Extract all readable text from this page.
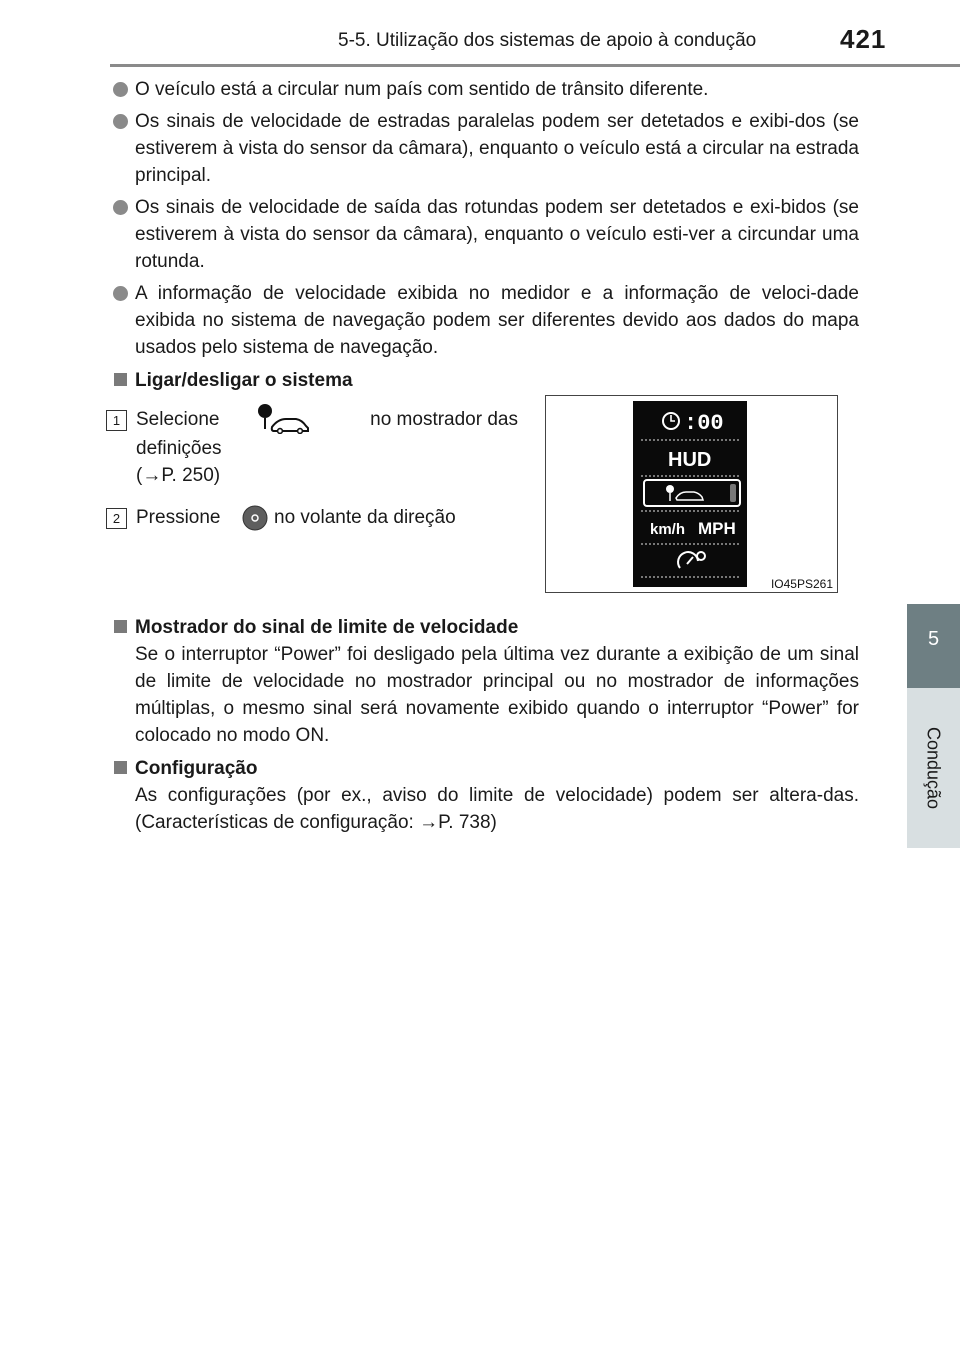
5-5. Utilização dos sistemas de apoio à condução	421
5
Condução
O veículo está a circular num país com sentido de trânsito diferente.
Os sinais de velocidade de estradas paralelas podem ser detetados e exibi-dos (se estiverem à vista do sensor da câmara), enquanto o veículo está a circular na estrada principal.
Os sinais de velocidade de saída das rotundas podem ser detetados e exi-bidos (se estiverem à vista do sensor da câmara), enquanto o veículo esti-ver a circundar uma rotunda.
A informação de velocidade exibida no medidor e a informação de veloci-dade exibida no sistema de navegação podem ser diferentes devido aos dados do mapa usados pelo sistema de navegação.
Ligar/desligar o sistema
1 Selecione	no mostrador das
definições
(→P. 250)
2 Pressione	no volante da direção
:00
HUD
km/h MPH
IO45PS261
Mostrador do sinal de limite de velocidade
Se o interruptor “Power” foi desligado pela última vez durante a exibição de um sinal de limite de velocidade no mostrador principal ou no mostrador de informações múltiplas, o mesmo sinal será novamente exibido quando o interruptor “Power” for colocado no modo ON.
Configuração
As configurações (por ex., aviso do limite de velocidade) podem ser altera-das. (Características de configuração: →P. 738)
